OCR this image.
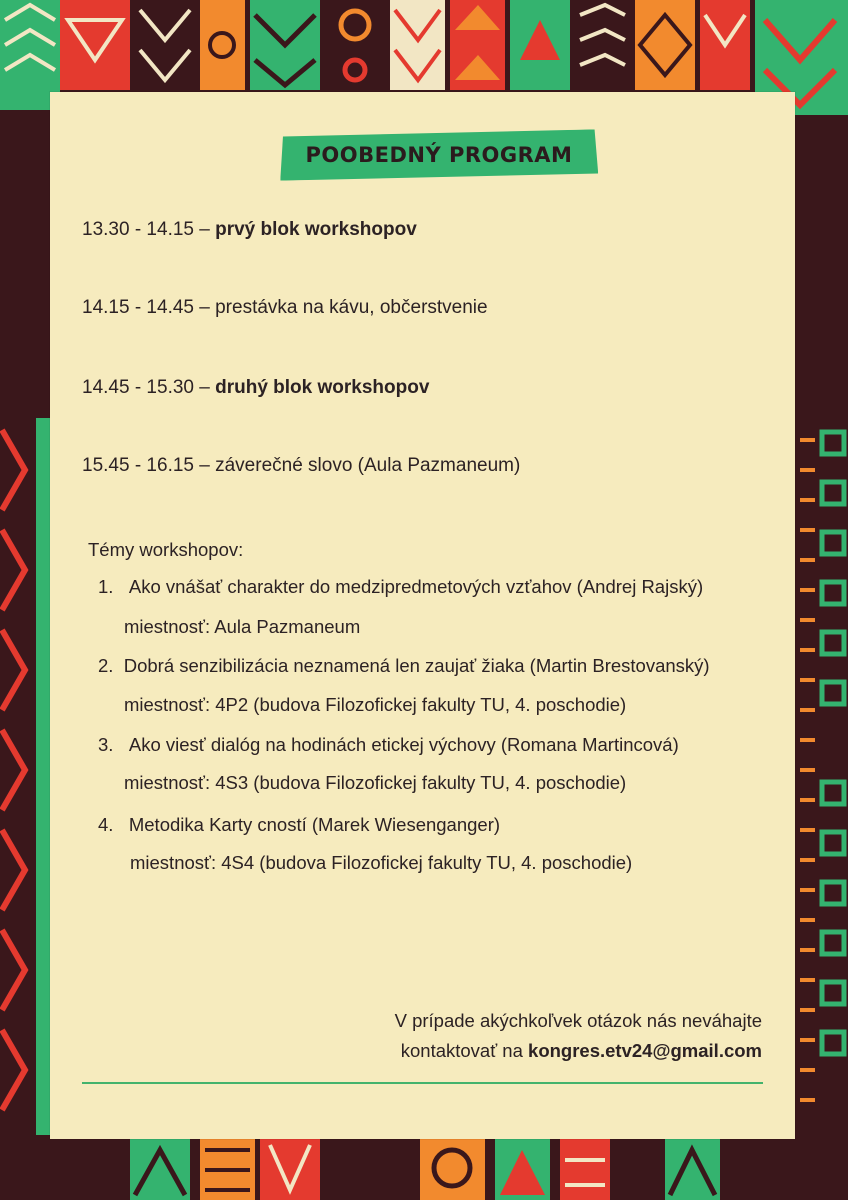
POOBEDNÝ PROGRAM
13.30 - 14.15 – prvý blok workshopov
14.15 - 14.45 – prestávka na kávu, občerstvenie
14.45 - 15.30 – druhý blok workshopov
15.45 - 16.15 – záverečné slovo (Aula Pazmaneum)
Témy workshopov:
1. Ako vnášať charakter do medzipredmetových vzťahov (Andrej Rajský)
miestnosť: Aula Pazmaneum
2. Dobrá senzibilizácia neznamená len zaujať žiaka (Martin Brestovanský)
miestnosť: 4P2 (budova Filozofickej fakulty TU, 4. poschodie)
3. Ako viesť dialóg na hodinách etickej výchovy (Romana Martincová)
miestnosť: 4S3 (budova Filozofickej fakulty TU, 4. poschodie)
4. Metodika Karty cností (Marek Wiesenganger)
miestnosť: 4S4 (budova Filozofickej fakulty TU, 4. poschodie)
V prípade akýchkoľvek otázok nás neváhajte
kontaktovať na kongres.etv24@gmail.com
